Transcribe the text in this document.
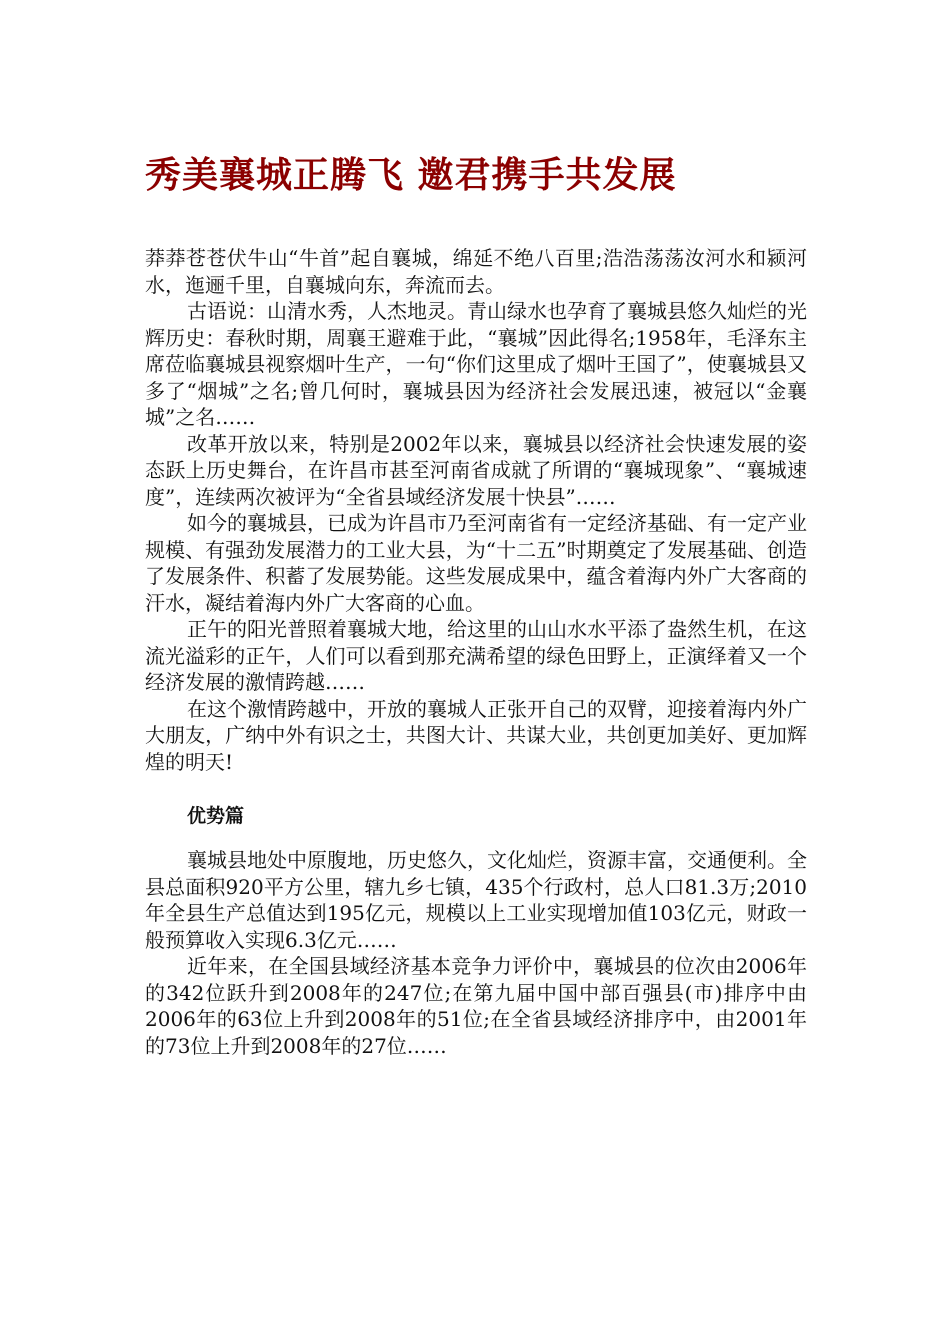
秀美襄城正腾飞 邀君携手共发展

莽莽苍苍伏牛山“牛首”起自襄城，绵延不绝八百里;浩浩荡荡汝河水和颍河水，迤逦千里，自襄城向东，奔流而去。

古语说：山清水秀，人杰地灵。青山绿水也孕育了襄城县悠久灿烂的光辉历史：春秋时期，周襄王避难于此，“襄城”因此得名;1958年，毛泽东主席莅临襄城县视察烟叶生产，一句“你们这里成了烟叶王国了”，使襄城县又多了“烟城”之名;曾几何时，襄城县因为经济社会发展迅速，被冠以“金襄城”之名……

改革开放以来，特别是2002年以来，襄城县以经济社会快速发展的姿态跃上历史舞台，在许昌市甚至河南省成就了所谓的“襄城现象”、“襄城速度”，连续两次被评为“全省县域经济发展十快县”……

如今的襄城县，已成为许昌市乃至河南省有一定经济基础、有一定产业规模、有强劲发展潜力的工业大县，为“十二五”时期奠定了发展基础、创造了发展条件、积蓄了发展势能。这些发展成果中，蕴含着海内外广大客商的汗水，凝结着海内外广大客商的心血。

正午的阳光普照着襄城大地，给这里的山山水水平添了盎然生机，在这流光溢彩的正午，人们可以看到那充满希望的绿色田野上，正演绎着又一个经济发展的激情跨越……

在这个激情跨越中，开放的襄城人正张开自己的双臂，迎接着海内外广大朋友，广纳中外有识之士，共图大计、共谋大业，共创更加美好、更加辉煌的明天!

优势篇

襄城县地处中原腹地，历史悠久，文化灿烂，资源丰富，交通便利。全县总面积920平方公里，辖九乡七镇，435个行政村，总人口81.3万;2010年全县生产总值达到195亿元，规模以上工业实现增加值103亿元，财政一般预算收入实现6.3亿元……

近年来，在全国县域经济基本竞争力评价中，襄城县的位次由2006年的342位跃升到2008年的247位;在第九届中国中部百强县(市)排序中由2006年的63位上升到2008年的51位;在全省县域经济排序中，由2001年的73位上升到2008年的27位……
